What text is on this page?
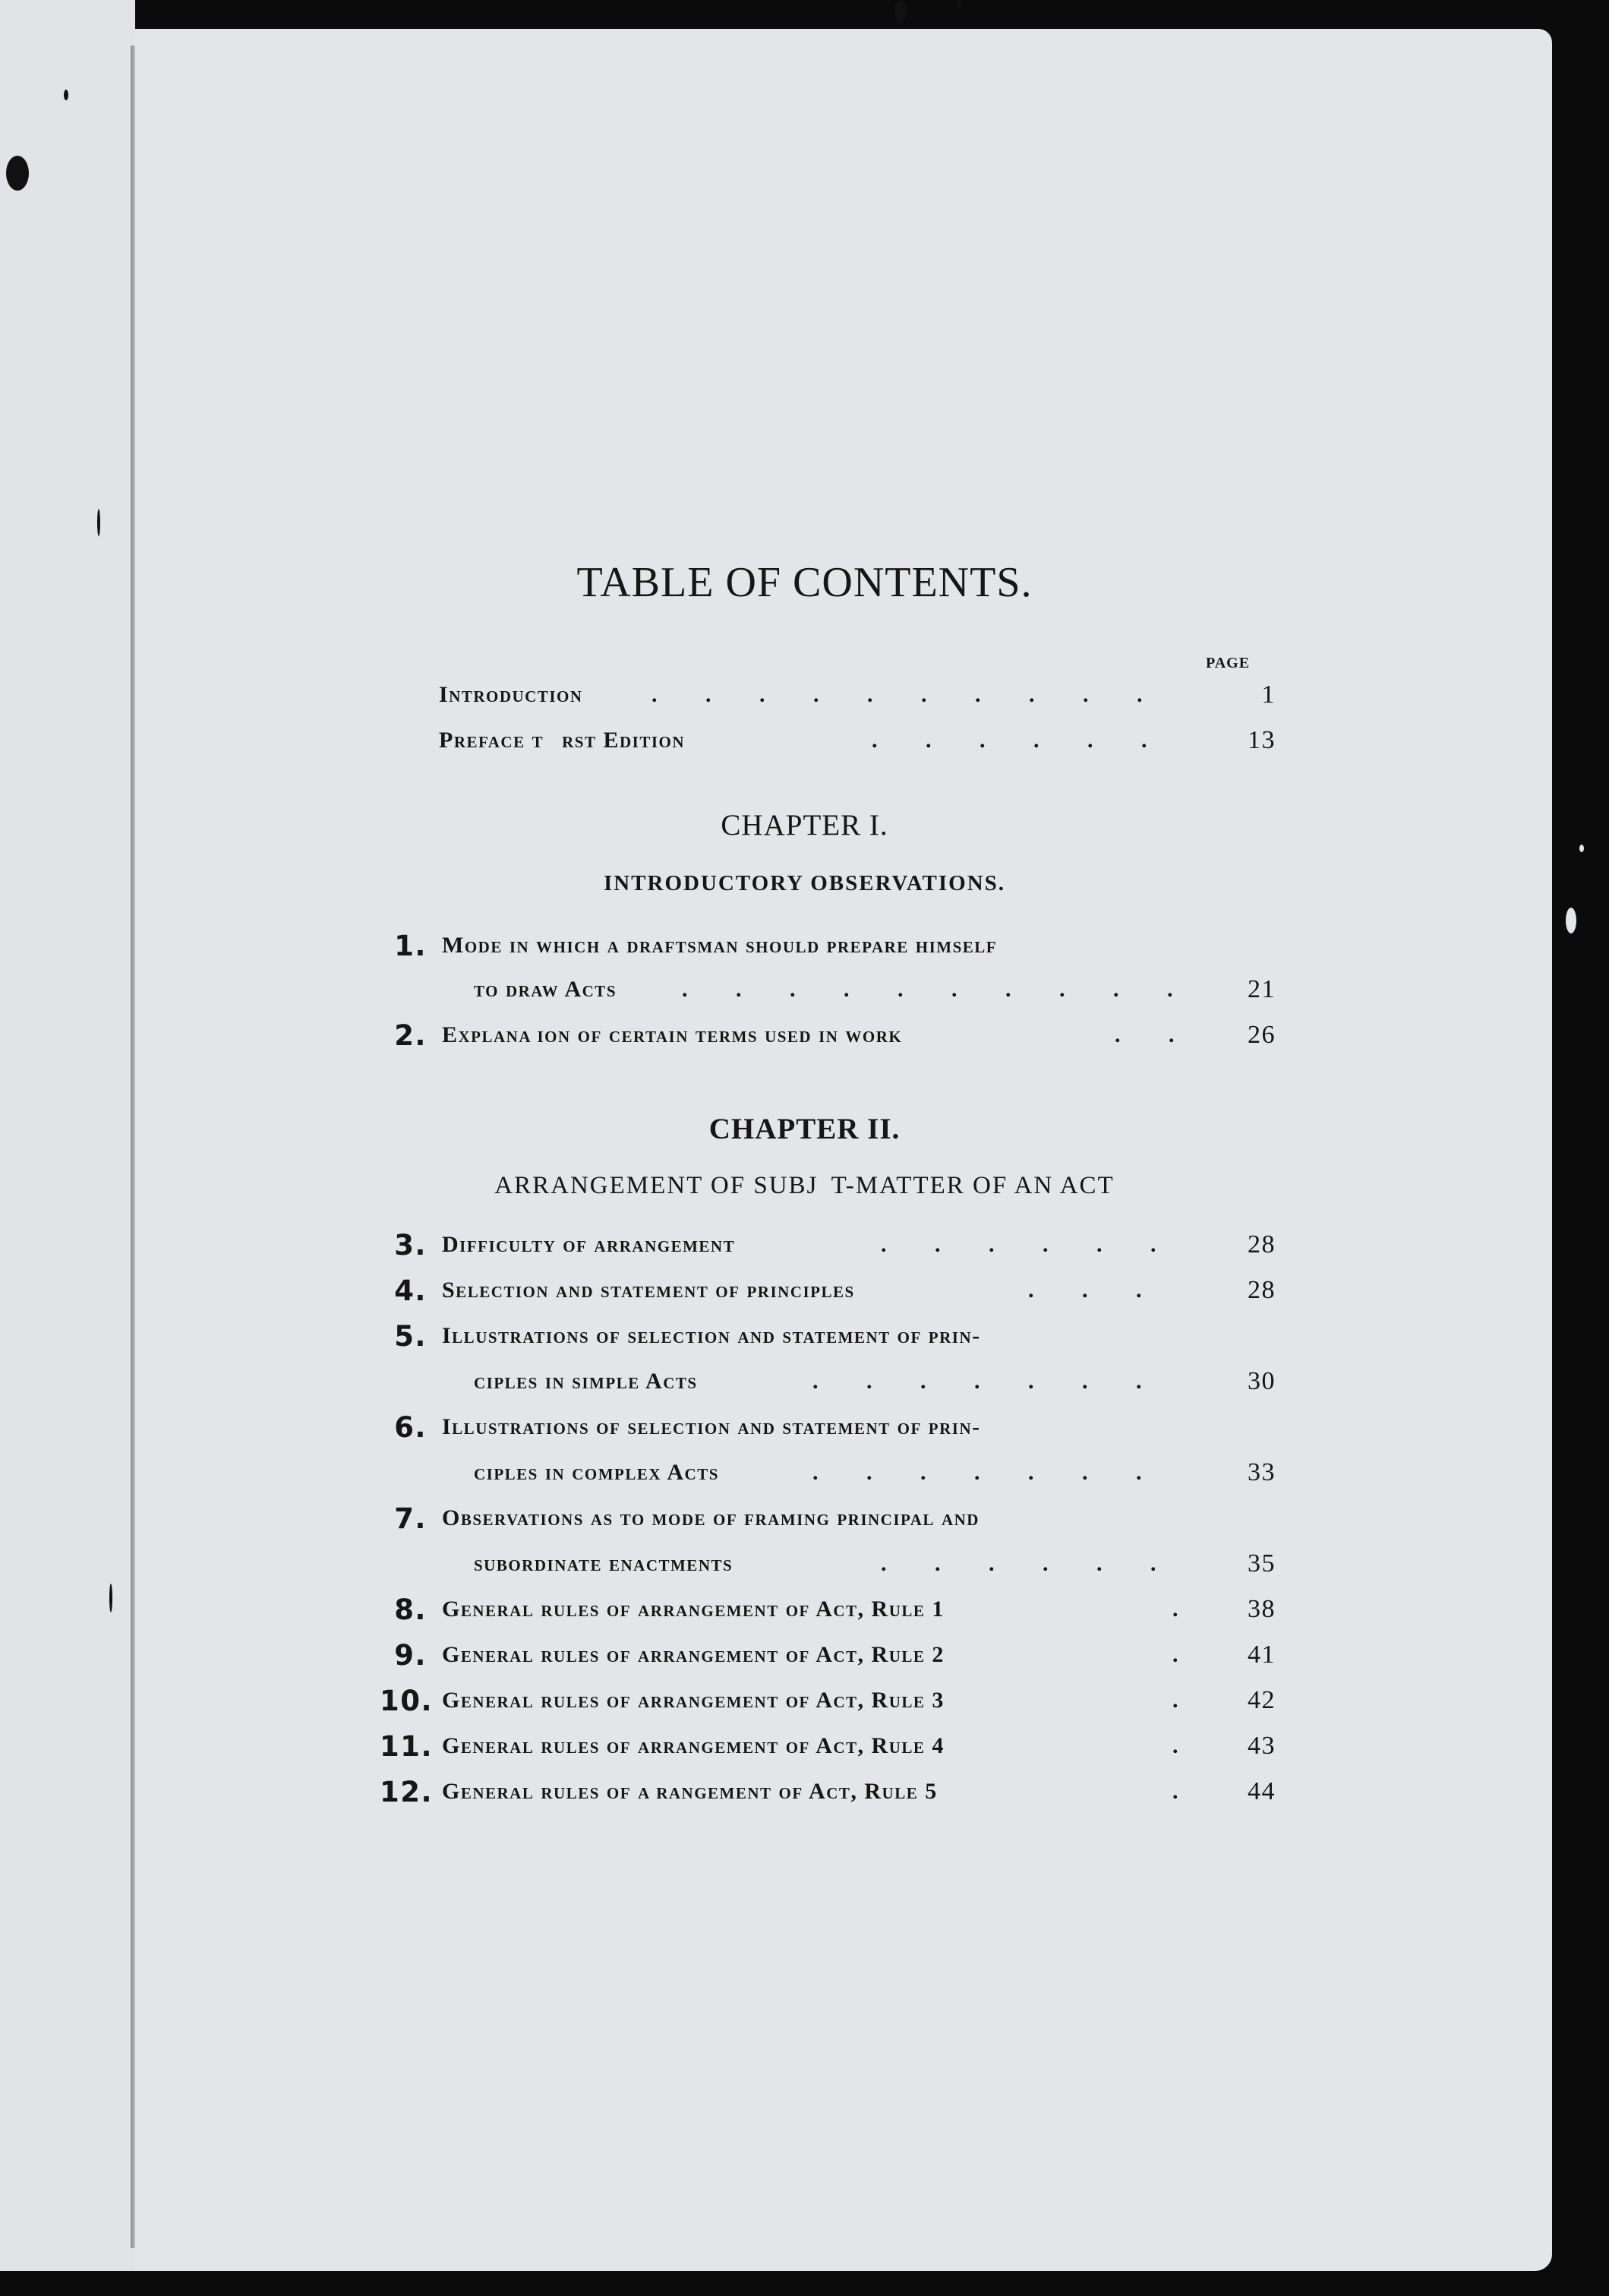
TABLE OF CONTENTS.
PAGE
Introduction	. . . . . . . . . .	1
Preface t   rst Edition	. . . . . .	13
CHAPTER I.
INTRODUCTORY OBSERVATIONS.
1. Mode in which a draftsman should prepare himself
to draw Acts	. . . . . . . . . .	21
2. Explana ion of certain terms used in work	. .	26
CHAPTER II.
ARRANGEMENT OF SUBJ  T-MATTER OF AN ACT
3. Difficulty of arrangement	. . . . . .	28
4. Selection and statement of principles	. . .	28
5. Illustrations of selection and statement of prin-
ciples in simple Acts	. . . . . . .	30
6. Illustrations of selection and statement of prin-
ciples in complex Acts	. . . . . . .	33
7. Observations as to mode of framing principal and
subordinate enactments	. . . . . .	35
8. General rules of arrangement of Act, Rule 1	.	38
9. General rules of arrangement of Act, Rule 2	.	41
10. General rules of arrangement of Act, Rule 3	.	42
11. General rules of arrangement of Act, Rule 4	.	43
12. General rules of a rangement of Act, Rule 5	.	44
